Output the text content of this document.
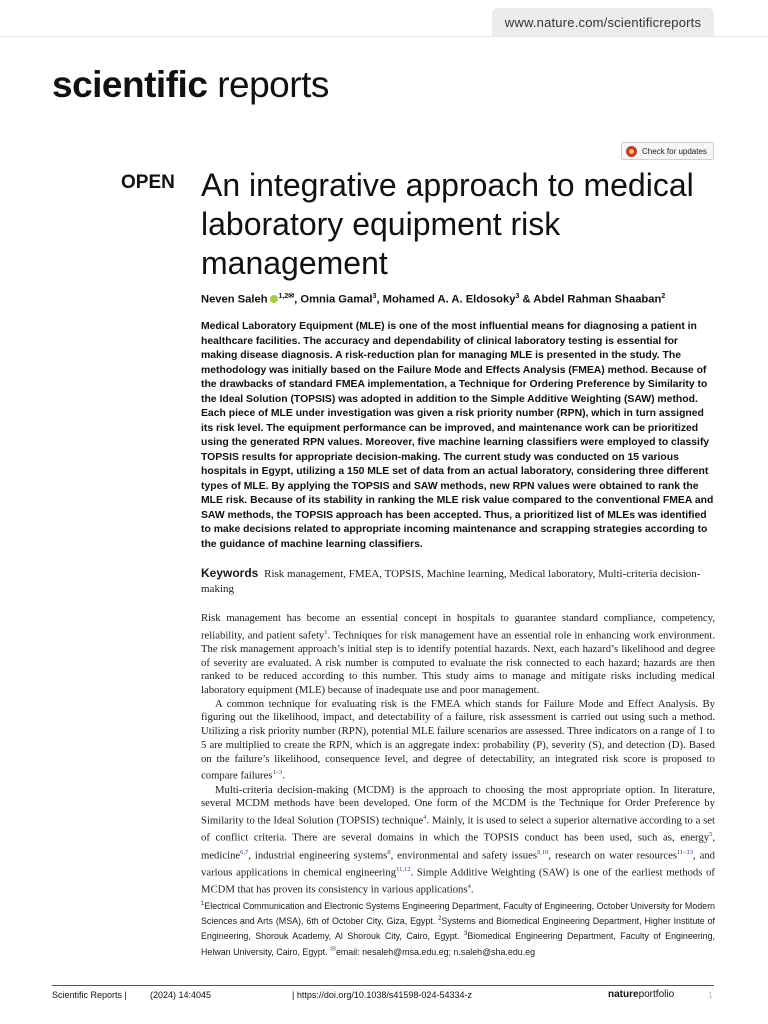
www.nature.com/scientificreports
scientific reports
Check for updates
OPEN An integrative approach to medical laboratory equipment risk management
Neven Saleh $^{1,2}$✉, Omnia Gamal$^3$, Mohamed A. A. Eldosoky$^3$ & Abdel Rahman Shaaban$^2$

Medical Laboratory Equipment (MLE) is one of the most influential means for diagnosing a patient in healthcare facilities. The accuracy and dependability of clinical laboratory testing is essential for making disease diagnosis. A risk-reduction plan for managing MLE is presented in the study. The methodology was initially based on the Failure Mode and Effects Analysis (FMEA) method. Because of the drawbacks of standard FMEA implementation, a Technique for Ordering Preference by Similarity to the Ideal Solution (TOPSIS) was adopted in addition to the Simple Additive Weighting (SAW) method. Each piece of MLE under investigation was given a risk priority number (RPN), which in turn assigned its risk level. The equipment performance can be improved, and maintenance work can be prioritized using the generated RPN values. Moreover, five machine learning classifiers were employed to classify TOPSIS results for appropriate decision-making. The current study was conducted on 15 various hospitals in Egypt, utilizing a 150 MLE set of data from an actual laboratory, considering three different types of MLE. By applying the TOPSIS and SAW methods, new RPN values were obtained to rank the MLE risk. Because of its stability in ranking the MLE risk value compared to the conventional FMEA and SAW methods, the TOPSIS approach has been accepted. Thus, a prioritized list of MLEs was identified to make decisions related to appropriate incoming maintenance and scrapping strategies according to the guidance of machine learning classifiers.

Keywords Risk management, FMEA, TOPSIS, Machine learning, Medical laboratory, Multi-criteria decision-making

Risk management has become an essential concept in hospitals to guarantee standard compliance, competency, reliability, and patient safety$^1$. Techniques for risk management have an essential role in enhancing work environment. The risk management approach’s initial step is to identify potential hazards. Next, each hazard’s likelihood and degree of severity are evaluated. A risk number is computed to evaluate the risk connected to each hazard; hazards are then ranked to be reduced according to this number. This study aims to manage and mitigate risks including medical laboratory equipment (MLE) because of inadequate use and poor management.

A common technique for evaluating risk is the FMEA which stands for Failure Mode and Effect Analysis. By figuring out the likelihood, impact, and detectability of a failure, risk assessment is carried out using such a method. Utilizing a risk priority number (RPN), potential MLE failure scenarios are assessed. Three indicators on a range of 1 to 5 are multiplied to create the RPN, which is an aggregate index: probability (P), severity (S), and detection (D). Based on the failure’s likelihood, consequence level, and degree of detectability, an integrated risk score is proposed to compare failures$^{1-3}$.

Multi-criteria decision-making (MCDM) is the approach to choosing the most appropriate option. In literature, several MCDM methods have been developed. One form of the MCDM is the Technique for Order Preference by Similarity to the Ideal Solution (TOPSIS) technique$^4$. Mainly, it is used to select a superior alternative according to a set of conflict criteria. There are several domains in which the TOPSIS conduct has been used, such as, energy$^5$, medicine$^{6,7}$, industrial engineering systems$^8$, environmental and safety issues$^{9,10}$, research on water resources$^{11-13}$, and various applications in chemical engineering$^{11,12}$. Simple Additive Weighting (SAW) is one of the earliest methods of MCDM that has proven its consistency in various applications$^4$.

$^1$Electrical Communication and Electronic Systems Engineering Department, Faculty of Engineering, October University for Modern Sciences and Arts (MSA), 6th of October City, Giza, Egypt. $^2$Systems and Biomedical Engineering Department, Higher Institute of Engineering, Shorouk Academy, Al Shorouk City, Cairo, Egypt. $^3$Biomedical Engineering Department, Faculty of Engineering, Helwan University, Cairo, Egypt. ✉email: nesaleh@msa.edu.eg; n.saleh@sha.edu.eg
Scientific Reports |	(2024) 14:4045	| https://doi.org/10.1038/s41598-024-54334-z	natureportfolio	1
